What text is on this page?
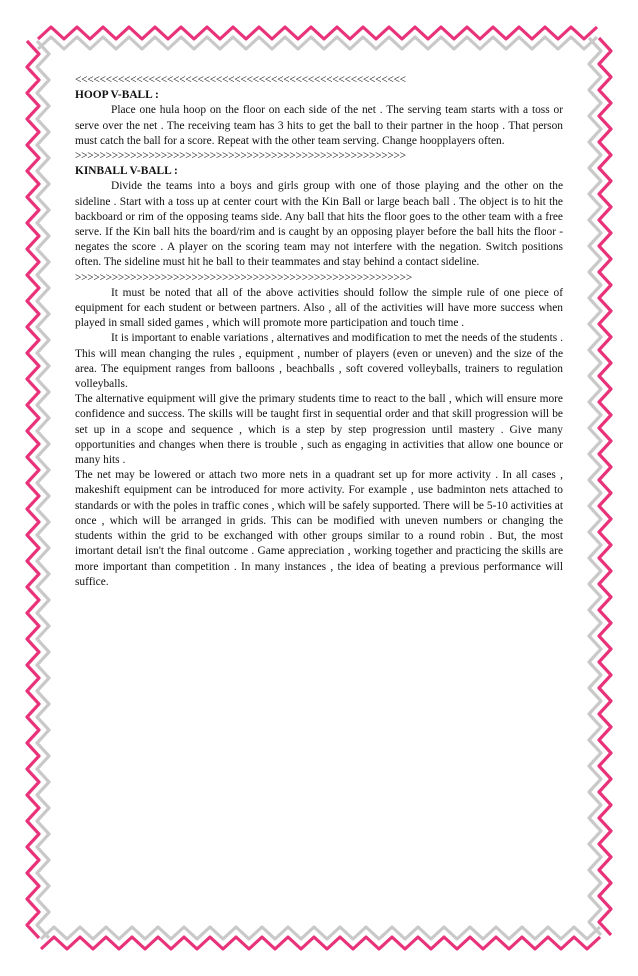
<<<<<<<<<<<<<<<<<<<<<<<<<<<<<<<<<<<<<<<<<<<<<<<<<<<<<<

HOOP V-BALL :

Place one hula hoop on the floor on each side of the net . The serving team starts with a toss or serve over the net . The receiving team has 3 hits to get the ball to their partner in the hoop . That person must catch the ball for a score. Repeat with the other team serving. Change hoopplayers often.

>>>>>>>>>>>>>>>>>>>>>>>>>>>>>>>>>>>>>>>>>>>>>>>>>>>>>>

KINBALL V-BALL :

Divide the teams into a boys and girls group with one of those playing and the other on the sideline . Start with a toss up at center court with the Kin Ball or large beach ball . The object is to hit the backboard or rim of the opposing teams side. Any ball that hits the floor goes to the other team with a free serve. If the Kin ball hits the board/rim and is caught by an opposing player before the ball hits the floor - negates the score . A player on the scoring team may not interfere with the negation. Switch positions often. The sideline must hit he ball to their teammates and stay behind a contact sideline.

>>>>>>>>>>>>>>>>>>>>>>>>>>>>>>>>>>>>>>>>>>>>>>>>>>>>>>>

It must be noted that all of the above activities should follow the simple rule of one piece of equipment for each student or between partners. Also , all of the activities will have more success when played in small sided games , which will promote more participation and touch time .

It is important to enable variations , alternatives and modification to met the needs of the students . This will mean changing the rules , equipment , number of players (even or uneven) and the size of the area. The equipment ranges from balloons , beachballs , soft covered volleyballs, trainers to regulation volleyballs.

The alternative equipment will give the primary students time to react to the ball , which will ensure more confidence and success. The skills will be taught first in sequential order and that skill progression will be set up in a scope and sequence , which is a step by step progression until mastery . Give many opportunities and changes when there is trouble , such as engaging in activities that allow one bounce or many hits .

The net may be lowered or attach two more nets in a quadrant set up for more activity . In all cases , makeshift equipment can be introduced for more activity. For example , use badminton nets attached to standards or with the poles in traffic cones , which will be safely supported. There will be 5-10 activities at once , which will be arranged in grids. This can be modified with uneven numbers or changing the students within the grid to be exchanged with other groups similar to a round robin . But, the most imortant detail isn't the final outcome . Game appreciation , working together and practicing the skills are more important than competition . In many instances , the idea of beating a previous performance will suffice.
